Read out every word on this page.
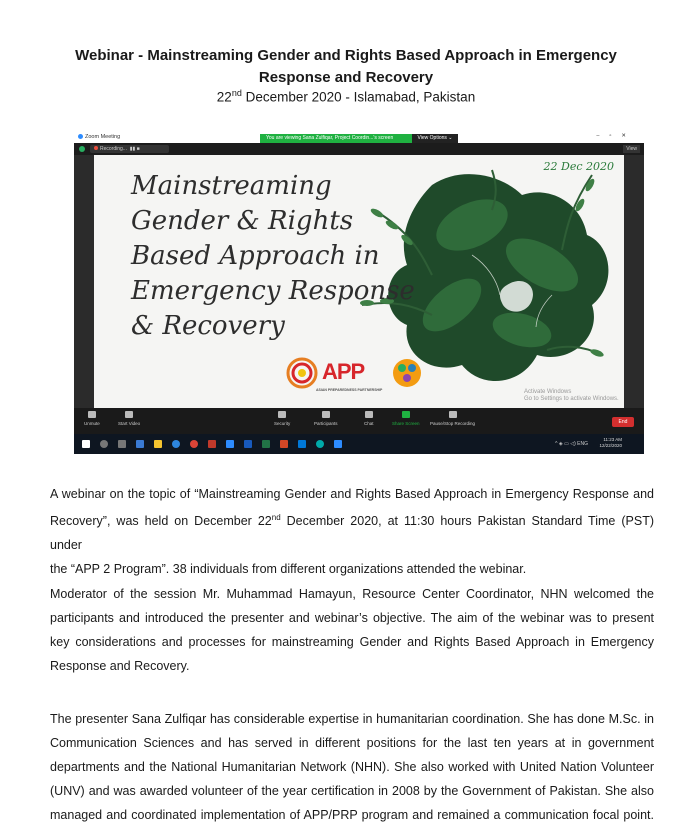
Webinar - Mainstreaming Gender and Rights Based Approach in Emergency
Response and Recovery
22nd December 2020 - Islamabad, Pakistan
Zoom Meeting	‒▫✕
You are viewing Sana Zulfiqar, Project Coordin...'s screen	View Options ⌄
Recording...  ▮▮ ■	View
Mainstreaming
Gender & Rights
Based Approach in
Emergency Response
& Recovery
22 Dec 2020
APP
ASIAN PREPAREDNESS PARTNERSHIP	Activate Windows
Go to Settings to activate Windows.
Unmute	Start Video	Security	Participants	Chat	Share Screen Pause/Stop Recording	End
^ ◈ ▭ ◁) ENG
11:23 AM
12/22/2020
A webinar on the topic of “Mainstreaming Gender and Rights Based Approach in Emergency Response and
Recovery”, was held on December 22nd December 2020, at 11:30 hours Pakistan Standard Time (PST) under
the “APP 2 Program”. 38 individuals from different organizations attended the webinar.
Moderator of the session Mr. Muhammad Hamayun, Resource Center Coordinator, NHN welcomed the
participants and introduced the presenter and webinar’s objective. The aim of the webinar was to present
key considerations and processes for mainstreaming Gender and Rights Based Approach in Emergency
Response and Recovery.
The presenter Sana Zulfiqar has considerable expertise in humanitarian coordination. She has done M.Sc. in
Communication Sciences and has served in different positions for the last ten years at in government
departments and the National Humanitarian Network (NHN). She also worked with United Nation Volunteer
(UNV) and was awarded volunteer of the year certification in 2008 by the Government of Pakistan. She also
managed and coordinated implementation of APP/PRP program and remained a communication focal point.
